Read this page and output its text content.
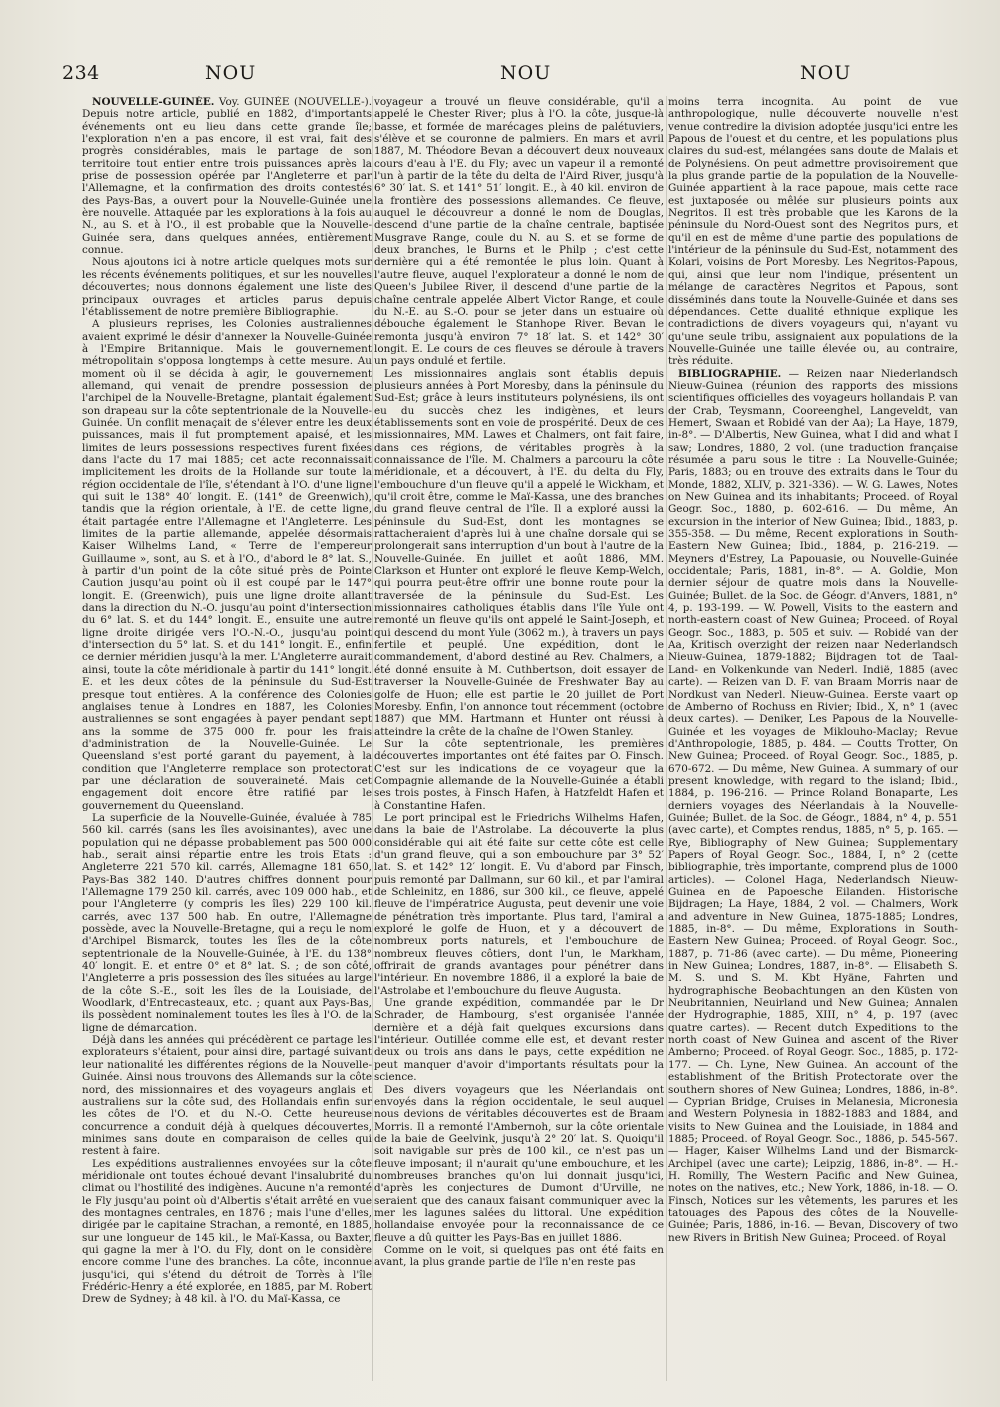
234	NOU	NOU	NOU

NOUVELLE-GUINÉE. Voy. GUINÉE (NOUVELLE-). Depuis notre article, publié en 1882, d'importants événements ont eu lieu dans cette grande île; l'exploration n'en a pas encore, il est vrai, fait des progrès considérables, mais le partage de son territoire tout entier entre trois puissances après la prise de possession opérée par l'Angleterre et par l'Allemagne, et la confirmation des droits contestés des Pays-Bas, a ouvert pour la Nouvelle-Guinée une ère nouvelle. Attaquée par les explorations à la fois au N., au S. et à l'O., il est probable que la Nouvelle-Guinée sera, dans quelques années, entièrement connue.

Nous ajoutons ici à notre article quelques mots sur les récents événements politiques, et sur les nouvelles découvertes; nous donnons également une liste des principaux ouvrages et articles parus depuis l'établissement de notre première Bibliographie.

A plusieurs reprises, les Colonies australiennes avaient exprimé le désir d'annexer la Nouvelle-Guinée à l'Empire Britannique. Mais le gouvernement métropolitain s'opposa longtemps à cette mesure. Au moment où il se décida à agir, le gouvernement allemand, qui venait de prendre possession de l'archipel de la Nouvelle-Bretagne, plantait également son drapeau sur la côte septentrionale de la Nouvelle-Guinée. Un conflit menaçait de s'élever entre les deux puissances, mais il fut promptement apaisé, et les limites de leurs possessions respectives furent fixées dans l'acte du 17 mai 1885; cet acte reconnaissait implicitement les droits de la Hollande sur toute la région occidentale de l'île, s'étendant à l'O. d'une ligne qui suit le 138° 40′ longit. E. (141° de Greenwich), tandis que la région orientale, à l'E. de cette ligne, était partagée entre l'Allemagne et l'Angleterre. Les limites de la partie allemande, appelée désormais Kaiser Wilhelms Land, « Terre de l'empereur Guillaume », sont, au S. et à l'O., d'abord le 8° lat. S., à partir d'un point de la côte situé près de Pointe Caution jusqu'au point où il est coupé par le 147° longit. E. (Greenwich), puis une ligne droite allant dans la direction du N.-O. jusqu'au point d'intersection du 6° lat. S. et du 144° longit. E., ensuite une autre ligne droite dirigée vers l'O.-N.-O., jusqu'au point d'intersection du 5° lat. S. et du 141° longit. E., enfin ce dernier méridien jusqu'à la mer. L'Angleterre aurait ainsi, toute la côte méridionale à partir du 141° longit. E. et les deux côtes de la péninsule du Sud-Est presque tout entières. A la conférence des Colonies anglaises tenue à Londres en 1887, les Colonies australiennes se sont engagées à payer pendant sept ans la somme de 375 000 fr. pour les frais d'administration de la Nouvelle-Guinée. Le Queensland s'est porté garant du payement, à la condition que l'Angleterre remplace son protectorat par une déclaration de souveraineté. Mais cet engagement doit encore être ratifié par le gouvernement du Queensland.

La superficie de la Nouvelle-Guinée, évaluée à 785 560 kil. carrés (sans les îles avoisinantes), avec une population qui ne dépasse probablement pas 500 000 hab., serait ainsi répartie entre les trois Etats : Angleterre 221 570 kil. carrés, Allemagne 181 650, Pays-Bas 382 140. D'autres chiffres donnent pour l'Allemagne 179 250 kil. carrés, avec 109 000 hab., et pour l'Angleterre (y compris les îles) 229 100 kil. carrés, avec 137 500 hab. En outre, l'Allemagne possède, avec la Nouvelle-Bretagne, qui a reçu le nom d'Archipel Bismarck, toutes les îles de la côte septentrionale de la Nouvelle-Guinée, à l'E. du 138° 40′ longit. E. et entre 0° et 8° lat. S. ; de son côté, l'Angleterre a pris possession des îles situées au large de la côte S.-E., soit les îles de la Louisiade, de Woodlark, d'Entrecasteaux, etc. ; quant aux Pays-Bas, ils possèdent nominalement toutes les îles à l'O. de la ligne de démarcation.

Déjà dans les années qui précédèrent ce partage les explorateurs s'étaient, pour ainsi dire, partagé suivant leur nationalité les différentes régions de la Nouvelle-Guinée. Ainsi nous trouvons des Allemands sur la côte nord, des missionnaires et des voyageurs anglais et australiens sur la côte sud, des Hollandais enfin sur les côtes de l'O. et du N.-O. Cette heureuse concurrence a conduit déjà à quelques découvertes, minimes sans doute en comparaison de celles qui restent à faire.

Les expéditions australiennes envoyées sur la côte méridionale ont toutes échoué devant l'insalubrité du climat ou l'hostilité des indigènes. Aucune n'a remonté le Fly jusqu'au point où d'Albertis s'était arrêté en vue des montagnes centrales, en 1876 ; mais l'une d'elles, dirigée par le capitaine Strachan, a remonté, en 1885, sur une longueur de 145 kil., le Maï-Kassa, ou Baxter, qui gagne la mer à l'O. du Fly, dont on le considère encore comme l'une des branches. La côte, inconnue jusqu'ici, qui s'étend du détroit de Torrès à l'île Frédéric-Henry a été explorée, en 1885, par M. Robert Drew de Sydney; à 48 kil. à l'O. du Maï-Kassa, ce

voyageur a trouvé un fleuve considérable, qu'il a appelé le Chester River; plus à l'O. la côte, jusque-là basse, et formée de marécages pleins de palétuviers, s'élève et se couronne de palmiers. En mars et avril 1887, M. Théodore Bevan a découvert deux nouveaux cours d'eau à l'E. du Fly; avec un vapeur il a remonté l'un à partir de la tête du delta de l'Aird River, jusqu'à 6° 30′ lat. S. et 141° 51′ longit. E., à 40 kil. environ de la frontière des possessions allemandes. Ce fleuve, auquel le découvreur a donné le nom de Douglas, descend d'une partie de la chaîne centrale, baptisée Musgrave Range, coule du N. au S. et se forme de deux branches, le Burns et le Philp ; c'est cette dernière qui a été remontée le plus loin. Quant à l'autre fleuve, auquel l'explorateur a donné le nom de Queen's Jubilee River, il descend d'une partie de la chaîne centrale appelée Albert Victor Range, et coule du N.-E. au S.-O. pour se jeter dans un estuaire où débouche également le Stanhope River. Bevan le remonta jusqu'à environ 7° 18′ lat. S. et 142° 30′ longit. E. Le cours de ces fleuves se déroule à travers un pays ondulé et fertile.

Les missionnaires anglais sont établis depuis plusieurs années à Port Moresby, dans la péninsule du Sud-Est; grâce à leurs instituteurs polynésiens, ils ont eu du succès chez les indigènes, et leurs établissements sont en voie de prospérité. Deux de ces missionnaires, MM. Lawes et Chalmers, ont fait faire, dans ces régions, de véritables progrès à la connaissance de l'île. M. Chalmers a parcouru la côte méridionale, et a découvert, à l'E. du delta du Fly, l'embouchure d'un fleuve qu'il a appelé le Wickham, et qu'il croit être, comme le Maï-Kassa, une des branches du grand fleuve central de l'île. Il a exploré aussi la péninsule du Sud-Est, dont les montagnes se rattacheraient d'après lui à une chaîne dorsale qui se prolongerait sans interruption d'un bout à l'autre de la Nouvelle-Guinée. En juillet et août 1886, MM. Clarkson et Hunter ont exploré le fleuve Kemp-Welch, qui pourra peut-être offrir une bonne route pour la traversée de la péninsule du Sud-Est. Les missionnaires catholiques établis dans l'île Yule ont remonté un fleuve qu'ils ont appelé le Saint-Joseph, et qui descend du mont Yule (3062 m.), à travers un pays fertile et peuplé. Une expédition, dont le commandement, d'abord destiné au Rev. Chalmers, a été donné ensuite à M. Cuthbertson, doit essayer de traverser la Nouvelle-Guinée de Freshwater Bay au golfe de Huon; elle est partie le 20 juillet de Port Moresby. Enfin, l'on annonce tout récemment (octobre 1887) que MM. Hartmann et Hunter ont réussi à atteindre la crête de la chaîne de l'Owen Stanley.

Sur la côte septentrionale, les premières découvertes importantes ont été faites par O. Finsch. C'est sur les indications de ce voyageur que la Compagnie allemande de la Nouvelle-Guinée a établi ses trois postes, à Finsch Hafen, à Hatzfeldt Hafen et à Constantine Hafen.

Le port principal est le Friedrichs Wilhelms Hafen, dans la baie de l'Astrolabe. La découverte la plus considérable qui ait été faite sur cette côte est celle d'un grand fleuve, qui a son embouchure par 3° 52′ lat. S. et 142° 12′ longit. E. Vu d'abord par Finsch, puis remonté par Dallmann, sur 60 kil., et par l'amiral de Schleinitz, en 1886, sur 300 kil., ce fleuve, appelé fleuve de l'impératrice Augusta, peut devenir une voie de pénétration très importante. Plus tard, l'amiral a exploré le golfe de Huon, et y a découvert de nombreux ports naturels, et l'embouchure de nombreux fleuves côtiers, dont l'un, le Markham, offrirait de grands avantages pour pénétrer dans l'intérieur. En novembre 1886, il a exploré la baie de l'Astrolabe et l'embouchure du fleuve Augusta.

Une grande expédition, commandée par le Dr Schrader, de Hambourg, s'est organisée l'année dernière et a déjà fait quelques excursions dans l'intérieur. Outillée comme elle est, et devant rester deux ou trois ans dans le pays, cette expédition ne peut manquer d'avoir d'importants résultats pour la science.

Des divers voyageurs que les Néerlandais ont envoyés dans la région occidentale, le seul auquel nous devions de véritables découvertes est de Braam Morris. Il a remonté l'Ambernoh, sur la côte orientale de la baie de Geelvink, jusqu'à 2° 20′ lat. S. Quoiqu'il soit navigable sur près de 100 kil., ce n'est pas un fleuve imposant; il n'aurait qu'une embouchure, et les nombreuses branches qu'on lui donnait jusqu'ici, d'après les conjectures de Dumont d'Urville, ne seraient que des canaux faisant communiquer avec la mer les lagunes salées du littoral. Une expédition hollandaise envoyée pour la reconnaissance de ce fleuve a dû quitter les Pays-Bas en juillet 1886.

Comme on le voit, si quelques pas ont été faits en avant, la plus grande partie de l'île n'en reste pas

moins terra incognita. Au point de vue anthropologique, nulle découverte nouvelle n'est venue contredire la division adoptée jusqu'ici entre les Papous de l'ouest et du centre, et les populations plus claires du sud-est, mélangées sans doute de Malais et de Polynésiens. On peut admettre provisoirement que la plus grande partie de la population de la Nouvelle-Guinée appartient à la race papoue, mais cette race est juxtaposée ou mêlée sur plusieurs points aux Negritos. Il est très probable que les Karons de la péninsule du Nord-Ouest sont des Negritos purs, et qu'il en est de même d'une partie des populations de l'intérieur de la péninsule du Sud-Est, notamment des Kolari, voisins de Port Moresby. Les Negritos-Papous, qui, ainsi que leur nom l'indique, présentent un mélange de caractères Negritos et Papous, sont disséminés dans toute la Nouvelle-Guinée et dans ses dépendances. Cette dualité ethnique explique les contradictions de divers voyageurs qui, n'ayant vu qu'une seule tribu, assignaient aux populations de la Nouvelle-Guinée une taille élevée ou, au contraire, très réduite.

BIBLIOGRAPHIE. — Reizen naar Niederlandsch Nieuw-Guinea (réunion des rapports des missions scientifiques officielles des voyageurs hollandais P. van der Crab, Teysmann, Cooreenghel, Langeveldt, van Hemert, Swaan et Robidé van der Aa); La Haye, 1879, in-8°. — D'Albertis, New Guinea, what I did and what I saw; Londres, 1880, 2 vol. (une traduction française résumée a paru sous le titre : La Nouvelle-Guinée; Paris, 1883; ou en trouve des extraits dans le Tour du Monde, 1882, XLIV, p. 321-336). — W. G. Lawes, Notes on New Guinea and its inhabitants; Proceed. of Royal Geogr. Soc., 1880, p. 602-616. — Du même, An excursion in the interior of New Guinea; Ibid., 1883, p. 355-358. — Du même, Recent explorations in South-Eastern New Guinea; Ibid., 1884, p. 216-219. — Meyners d'Estrey, La Papouasie, ou Nouvelle-Guinée occidentale; Paris, 1881, in-8°. — A. Goldie, Mon dernier séjour de quatre mois dans la Nouvelle-Guinée; Bullet. de la Soc. de Géogr. d'Anvers, 1881, n° 4, p. 193-199. — W. Powell, Visits to the eastern and north-eastern coast of New Guinea; Proceed. of Royal Geogr. Soc., 1883, p. 505 et suiv. — Robidé van der Aa, Kritisch overzight der reizen naar Nederlandsch Nieuw-Guinea, 1879-1882; Bijdragen tot de Taal- Land- en Volkenkunde van Nederl. Indië, 1885 (avec carte). — Reizen van D. F. van Braam Morris naar de Nordkust van Nederl. Nieuw-Guinea. Eerste vaart op de Amberno of Rochuss en Rivier; Ibid., X, n° 1 (avec deux cartes). — Deniker, Les Papous de la Nouvelle-Guinée et les voyages de Miklouho-Maclay; Revue d'Anthropologie, 1885, p. 484. — Coutts Trotter, On New Guinea; Proceed. of Royal Geogr. Soc., 1885, p. 670-672. — Du même, New Guinea. A summary of our present knowledge, with regard to the island; Ibid., 1884, p. 196-216. — Prince Roland Bonaparte, Les derniers voyages des Néerlandais à la Nouvelle-Guinée; Bullet. de la Soc. de Géogr., 1884, n° 4, p. 551 (avec carte), et Comptes rendus, 1885, n° 5, p. 165. — Rye, Bibliography of New Guinea; Supplementary Papers of Royal Geogr. Soc., 1884, I, n° 2 (cette bibliographie, très importante, comprend plus de 1000 articles). — Colonel Haga, Nederlandsch Nieuw-Guinea en de Papoesche Eilanden. Historische Bijdragen; La Haye, 1884, 2 vol. — Chalmers, Work and adventure in New Guinea, 1875-1885; Londres, 1885, in-8°. — Du même, Explorations in South-Eastern New Guinea; Proceed. of Royal Geogr. Soc., 1887, p. 71-86 (avec carte). — Du même, Pioneering in New Guinea; Londres, 1887, in-8°. — Elisabeth S. M. S. und S. M. Kbt Hyäne, Fahrten und hydrographische Beobachtungen an den Küsten von Neubritannien, Neuirland und New Guinea; Annalen der Hydrographie, 1885, XIII, n° 4, p. 197 (avec quatre cartes). — Recent dutch Expeditions to the north coast of New Guinea and ascent of the River Amberno; Proceed. of Royal Geogr. Soc., 1885, p. 172-177. — Ch. Lyne, New Guinea. An account of the establishment of the British Protectorate over the southern shores of New Guinea; Londres, 1886, in-8°. — Cyprian Bridge, Cruises in Melanesia, Micronesia and Western Polynesia in 1882-1883 and 1884, and visits to New Guinea and the Louisiade, in 1884 and 1885; Proceed. of Royal Geogr. Soc., 1886, p. 545-567. — Hager, Kaiser Wilhelms Land und der Bismarck-Archipel (avec une carte); Leipzig, 1886, in-8°. — H.-H. Romilly, The Western Pacific and New Guinea, notes on the natives, etc.; New York, 1886, in-18. — O. Finsch, Notices sur les vêtements, les parures et les tatouages des Papous des côtes de la Nouvelle-Guinée; Paris, 1886, in-16. — Bevan, Discovery of two new Rivers in British New Guinea; Proceed. of Royal
